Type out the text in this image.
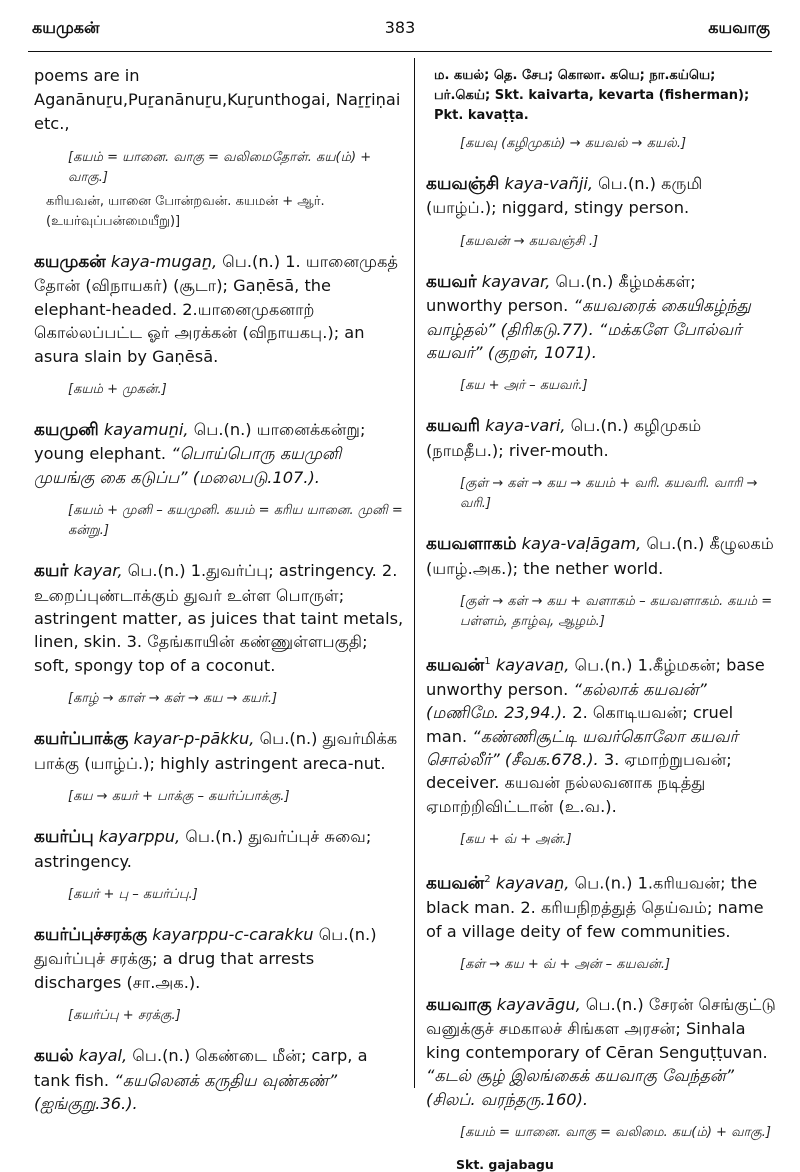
கயமுகன்	383	கயவாகு

poems are in Aganānuṟu,Puṟanānuṟu,Kuṟunthogai, Naṟṟiṇai etc.,

[கயம் = யானை. வாகு = வலிமைதோள். கய(ம்) + வாகு.]

கரியவன், யானை போன்றவன். கயமன் + ஆர். (உயர்வுப்பன்மையீறு)]

கயமுகன் kaya-mugaṉ, பெ.(n.) 1. யானைமுகத் தோன் (விநாயகர்) (சூடா); Gaṇēsā, the elephant-headed. 2.யானைமுகனாற் கொல்லப்பட்ட ஓர் அரக்கன் (விநாயகபு.); an asura slain by Gaṇēsā.

[கயம் + முகன்.]

கயமுனி kayamuṉi, பெ.(n.) யானைக்கன்று; young elephant. “பொய்பொரு கயமுனி முயங்கு கை கடுப்ப” (மலைபடு.107.).

[கயம் + முனி – கயமுனி. கயம் = கரிய யானை. முனி = கன்று.]

கயர் kayar, பெ.(n.) 1.துவர்ப்பு; astringency. 2. உறைப்புண்டாக்கும் துவர் உள்ள பொருள்; astringent matter, as juices that taint metals, linen, skin. 3. தேங்காயின் கண்ணுள்ளபகுதி; soft, spongy top of a coconut.

[காழ் → காள் → கள் → கய → கயர்.]

கயர்ப்பாக்கு kayar-p-pākku, பெ.(n.) துவர்மிக்க பாக்கு (யாழ்ப்.); highly astringent areca-nut.

[கய → கயர் + பாக்கு – கயர்ப்பாக்கு.]

கயர்ப்பு kayarppu, பெ.(n.) துவர்ப்புச் சுவை; astringency.

[கயர் + பு – கயர்ப்பு.]

கயர்ப்புச்சரக்கு kayarppu-c-carakku பெ.(n.) துவர்ப்புச் சரக்கு; a drug that arrests discharges (சா.அக.).

[கயர்ப்பு + சரக்கு.]

கயல் kayal, பெ.(n.) கெண்டை மீன்; carp, a tank fish. “கயலெனக் கருதிய வுண்கண்” (ஐங்குறு.36.).

ம. கயல்; தெ. சேப; கொலா. கயெ; நா.கய்யெ; பர்.கெய்; Skt. kaivarta, kevarta (fisherman); Pkt. kavaṭṭa.

[கயவு (கழிமுகம்) → கயவல் → கயல்.]

கயவஞ்சி kaya-vañji, பெ.(n.) கருமி (யாழ்ப்.); niggard, stingy person.

[கயவன் → கயவஞ்சி .]

கயவர் kayavar, பெ.(n.) கீழ்மக்கள்; unworthy person. “கயவரைக் கையிகழ்ந்து வாழ்தல்” (திரிகடு.77). “மக்களே போல்வர் கயவர்” (குறள், 1071).

[கய + அர் – கயவர்.]

கயவரி kaya-vari, பெ.(n.) கழிமுகம் (நாமதீப.); river-mouth.

[குள் → கள் → கய → கயம் + வரி. கயவரி. வாரி → வரி.]

கயவளாகம் kaya-vaḷāgam, பெ.(n.) கீழுலகம் (யாழ்.அக.); the nether world.

[குள் → கள் → கய + வளாகம் – கயவளாகம். கயம் = பள்ளம், தாழ்வு, ஆழம்.]

கயவன்$^1$ kayavaṉ, பெ.(n.) 1.கீழ்மகன்; base unworthy person. “கல்லாக் கயவன்” (மணிமே. 23,94.). 2. கொடியவன்; cruel man. “கண்ணிசூட்டி யவர்கொலோ கயவர் சொல்லீர்” (சீவக.678.). 3. ஏமாற்றுபவன்; deceiver. கயவன் நல்லவனாக நடித்து ஏமாற்றிவிட்டான் (உ.வ.).

[கய + வ் + அன்.]

கயவன்$^2$ kayavaṉ, பெ.(n.) 1.கரியவன்; the black man. 2. கரியநிறத்துத் தெய்வம்; name of a village deity of few communities.

[கள் → கய + வ் + அன் – கயவன்.]

கயவாகு kayavāgu, பெ.(n.) சேரன் செங்குட்டு வனுக்குச் சமகாலச் சிங்கள அரசன்; Sinhala king contemporary of Cēran Senguṭṭuvan. “கடல் சூழ் இலங்கைக் கயவாகு வேந்தன்” (சிலப். வரந்தரு.160).

[கயம் = யானை. வாகு = வலிமை. கய(ம்) + வாகு.]

Skt. gajabagu
